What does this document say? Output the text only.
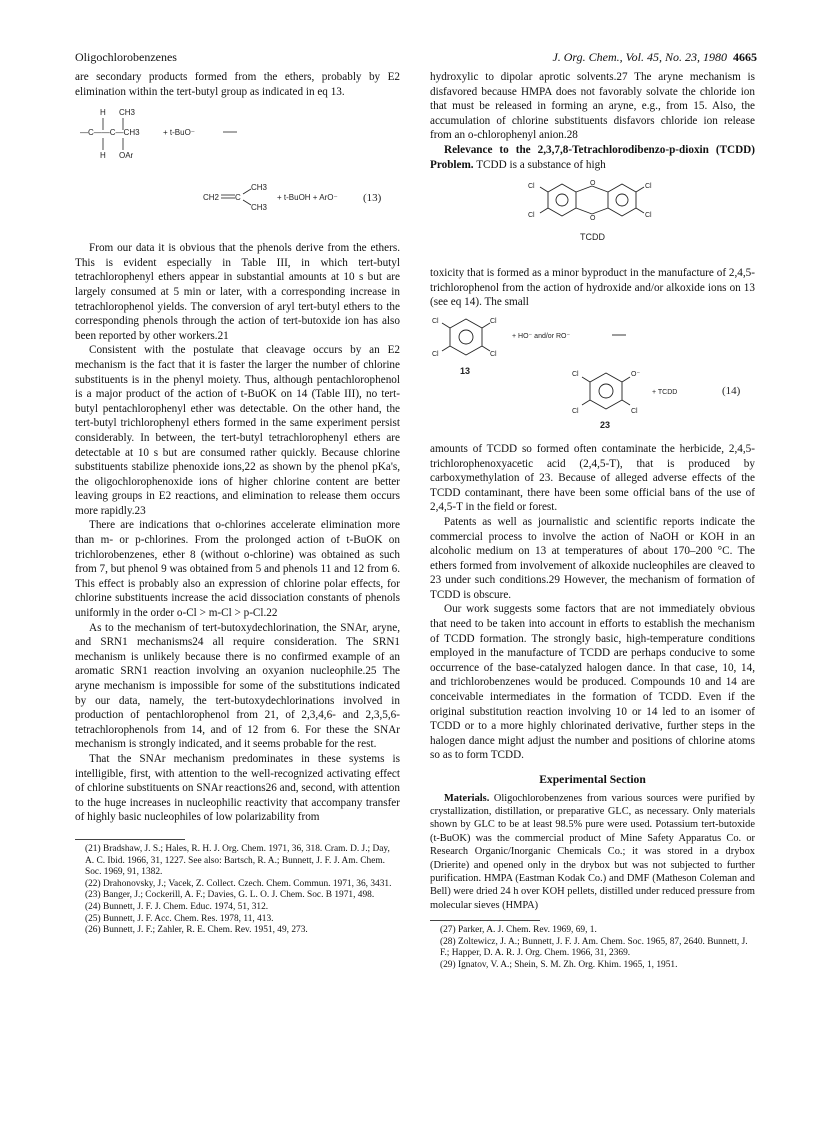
Oligochlorobenzenes	J. Org. Chem., Vol. 45, No. 23, 1980 4665

are secondary products formed from the ethers, probably by E2 elimination within the tert-butyl group as indicated in eq 13.

H CH3
—C——C—CH3	+ t-BuO⁻
H OAr
CH2 C
CH3
CH3
+ t-BuOH + ArO⁻ (13)

From our data it is obvious that the phenols derive from the ethers. This is evident especially in Table III, in which tert-butyl tetrachlorophenyl ethers appear in substantial amounts at 10 s but are largely consumed at 5 min or later, with a corresponding increase in tetrachlorophenol yields. The conversion of aryl tert-butyl ethers to the corresponding phenols through the action of tert-butoxide ion has also been reported by other workers.21

Consistent with the postulate that cleavage occurs by an E2 mechanism is the fact that it is faster the larger the number of chlorine substituents is in the phenyl moiety. Thus, although pentachlorophenol is a major product of the action of t-BuOK on 14 (Table III), no tert-butyl pentachlorophenyl ether was detectable. On the other hand, the tert-butyl trichlorophenyl ethers formed in the same experiment persist considerably. In between, the tert-butyl tetrachlorophenyl ethers are detectable at 10 s but are consumed rather quickly. Because chlorine substituents stabilize phenoxide ions,22 as shown by the phenol pKa's, the oligochlorophenoxide ions of higher chlorine content are better leaving groups in E2 reactions, and elimination to release them occurs more rapidly.23

There are indications that o-chlorines accelerate elimination more than m- or p-chlorines. From the prolonged action of t-BuOK on trichlorobenzenes, ether 8 (without o-chlorine) was obtained as such from 7, but phenol 9 was obtained from 5 and phenols 11 and 12 from 6. This effect is probably also an expression of chlorine polar effects, for chlorine substituents increase the acid dissociation constants of phenols uniformly in the order o-Cl > m-Cl > p-Cl.22

As to the mechanism of tert-butoxydechlorination, the SNAr, aryne, and SRN1 mechanisms24 all require consideration. The SRN1 mechanism is unlikely because there is no confirmed example of an aromatic SRN1 reaction involving an oxyanion nucleophile.25 The aryne mechanism is impossible for some of the substitutions indicated by our data, namely, the tert-butoxydechlorinations involved in production of pentachlorophenol from 21, of 2,3,4,6- and 2,3,5,6-tetrachlorophenols from 14, and of 12 from 6. For these the SNAr mechanism is strongly indicated, and it seems probable for the rest.

That the SNAr mechanism predominates in these systems is intelligible, first, with attention to the well-recognized activating effect of chlorine substituents on SNAr reactions26 and, second, with attention to the huge increases in nucleophilic reactivity that accompany transfer of highly basic nucleophiles of low polarizability from

(21) Bradshaw, J. S.; Hales, R. H. J. Org. Chem. 1971, 36, 318. Cram. D. J.; Day, A. C. Ibid. 1966, 31, 1227. See also: Bartsch, R. A.; Bunnett, J. F. J. Am. Chem. Soc. 1969, 91, 1382.
(22) Drahonovsky, J.; Vacek, Z. Collect. Czech. Chem. Commun. 1971, 36, 3431.
(23) Banger, J.; Cockerill, A. F.; Davies, G. L. O. J. Chem. Soc. B 1971, 498.
(24) Bunnett, J. F. J. Chem. Educ. 1974, 51, 312.
(25) Bunnett, J. F. Acc. Chem. Res. 1978, 11, 413.
(26) Bunnett, J. F.; Zahler, R. E. Chem. Rev. 1951, 49, 273.

hydroxylic to dipolar aprotic solvents.27 The aryne mechanism is disfavored because HMPA does not favorably solvate the chloride ion that must be released in forming an aryne, e.g., from 15. Also, the accumulation of chlorine substituents disfavors chloride ion release from an o-chlorophenyl anion.28

Relevance to the 2,3,7,8-Tetrachlorodibenzo-p-dioxin (TCDD) Problem. TCDD is a substance of high

O
O
Cl
Cl
Cl
Cl
TCDD

toxicity that is formed as a minor byproduct in the manufacture of 2,4,5-trichlorophenol from the action of hydroxide and/or alkoxide ions on 13 (see eq 14). The small

Cl	Cl
Cl	Cl
+ HO⁻ and/or RO⁻
13	Cl	O⁻
Cl	Cl
+ TCDD	(14)
23

amounts of TCDD so formed often contaminate the herbicide, 2,4,5-trichlorophenoxyacetic acid (2,4,5-T), that is produced by carboxymethylation of 23. Because of alleged adverse effects of the TCDD contaminant, there have been some official bans of the use of 2,4,5-T in the field or forest.

Patents as well as journalistic and scientific reports indicate the commercial process to involve the action of NaOH or KOH in an alcoholic medium on 13 at temperatures of about 170–200 °C. The ethers formed from involvement of alkoxide nucleophiles are cleaved to 23 under such conditions.29 However, the mechanism of formation of TCDD is obscure.

Our work suggests some factors that are not immediately obvious that need to be taken into account in efforts to establish the mechanism of TCDD formation. The strongly basic, high-temperature conditions employed in the manufacture of TCDD are perhaps conducive to some occurrence of the base-catalyzed halogen dance. In that case, 10, 14, and trichlorobenzenes would be produced. Compounds 10 and 14 are conceivable intermediates in the formation of TCDD. Even if the original substitution reaction involving 10 or 14 led to an isomer of TCDD or to a more highly chlorinated derivative, further steps in the halogen dance might adjust the number and positions of chlorine atoms so as to form TCDD.

Experimental Section

Materials. Oligochlorobenzenes from various sources were purified by crystallization, distillation, or preparative GLC, as necessary. Only materials shown by GLC to be at least 98.5% pure were used. Potassium tert-butoxide (t-BuOK) was the commercial product of Mine Safety Apparatus Co. or Research Organic/Inorganic Chemicals Co.; it was stored in a drybox (Drierite) and opened only in the drybox but was not subjected to further purification. HMPA (Eastman Kodak Co.) and DMF (Matheson Coleman and Bell) were dried 24 h over KOH pellets, distilled under reduced pressure from molecular sieves (HMPA)

(27) Parker, A. J. Chem. Rev. 1969, 69, 1.
(28) Zoltewicz, J. A.; Bunnett, J. F. J. Am. Chem. Soc. 1965, 87, 2640. Bunnett, J. F.; Happer, D. A. R. J. Org. Chem. 1966, 31, 2369.
(29) Ignatov, V. A.; Shein, S. M. Zh. Org. Khim. 1965, 1, 1951.
